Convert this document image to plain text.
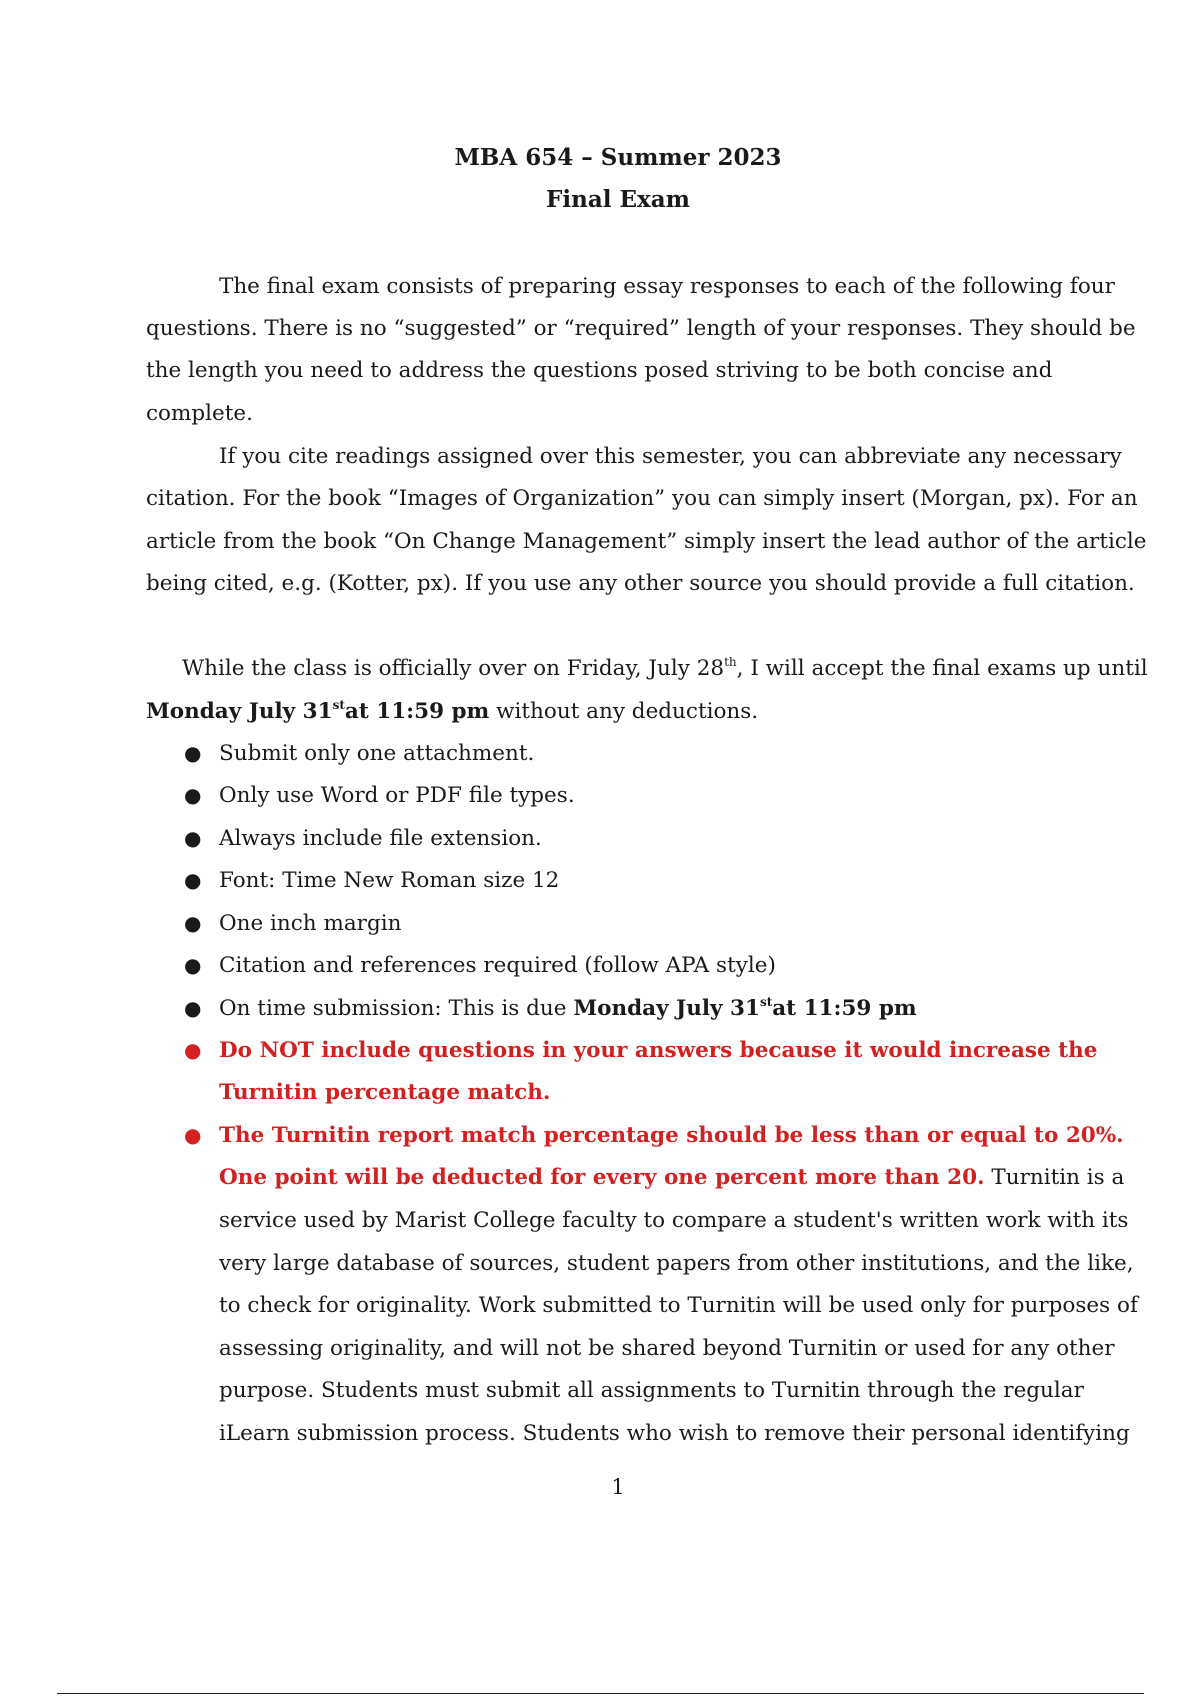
MBA 654 – Summer 2023
Final Exam
The final exam consists of preparing essay responses to each of the following four
questions. There is no “suggested” or “required” length of your responses. They should be
the length you need to address the questions posed striving to be both concise and
complete.
If you cite readings assigned over this semester, you can abbreviate any necessary
citation. For the book “Images of Organization” you can simply insert (Morgan, px). For an
article from the book “On Change Management” simply insert the lead author of the article
being cited, e.g. (Kotter, px). If you use any other source you should provide a full citation.
While the class is officially over on Friday, July 28th, I will accept the final exams up until
Monday July 31stat 11:59 pm without any deductions.
● Submit only one attachment.
● Only use Word or PDF file types.
● Always include file extension.
● Font: Time New Roman size 12
● One inch margin
● Citation and references required (follow APA style)
● On time submission: This is due Monday July 31stat 11:59 pm
● Do NOT include questions in your answers because it would increase the
Turnitin percentage match.
● The Turnitin report match percentage should be less than or equal to 20%.
One point will be deducted for every one percent more than 20. Turnitin is a
service used by Marist College faculty to compare a student's written work with its
very large database of sources, student papers from other institutions, and the like,
to check for originality. Work submitted to Turnitin will be used only for purposes of
assessing originality, and will not be shared beyond Turnitin or used for any other
purpose. Students must submit all assignments to Turnitin through the regular
iLearn submission process. Students who wish to remove their personal identifying
1
